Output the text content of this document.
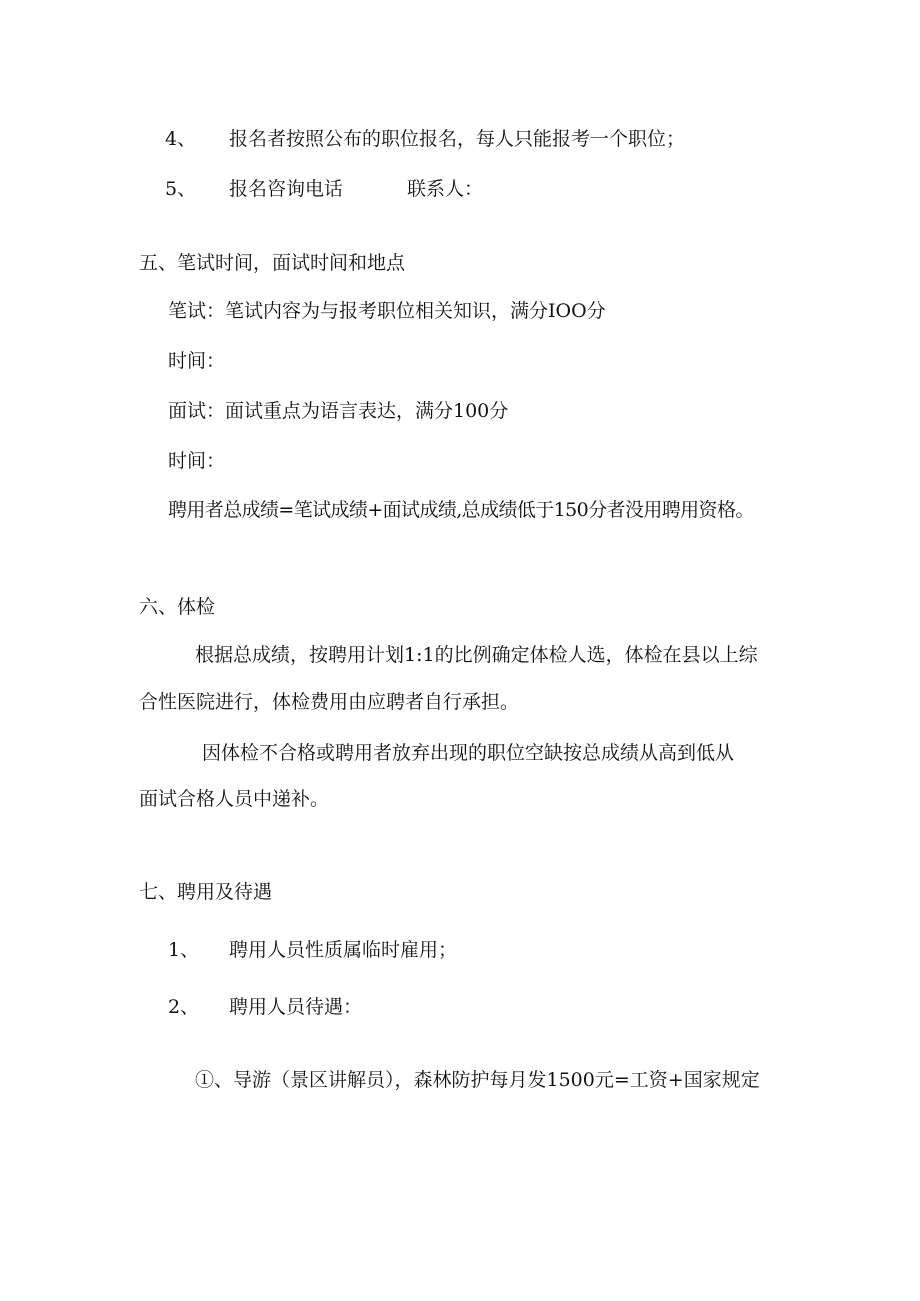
4、 报名者按照公布的职位报名，每人只能报考一个职位；
5、 报名咨询电话	联系人：
五、笔试时间，面试时间和地点
笔试：笔试内容为与报考职位相关知识，满分IOO分
时间：
面试：面试重点为语言表达，满分100分
时间：
聘用者总成绩=笔试成绩+面试成绩,总成绩低于150分者没用聘用资格。
六、体检
根据总成绩，按聘用计划1:1的比例确定体检人选，体检在县以上综
合性医院进行，体检费用由应聘者自行承担。
因体检不合格或聘用者放弃出现的职位空缺按总成绩从高到低从
面试合格人员中递补。
七、聘用及待遇
1、 聘用人员性质属临时雇用；
2、 聘用人员待遇：
①、导游（景区讲解员），森林防护每月发1500元=工资+国家规定
